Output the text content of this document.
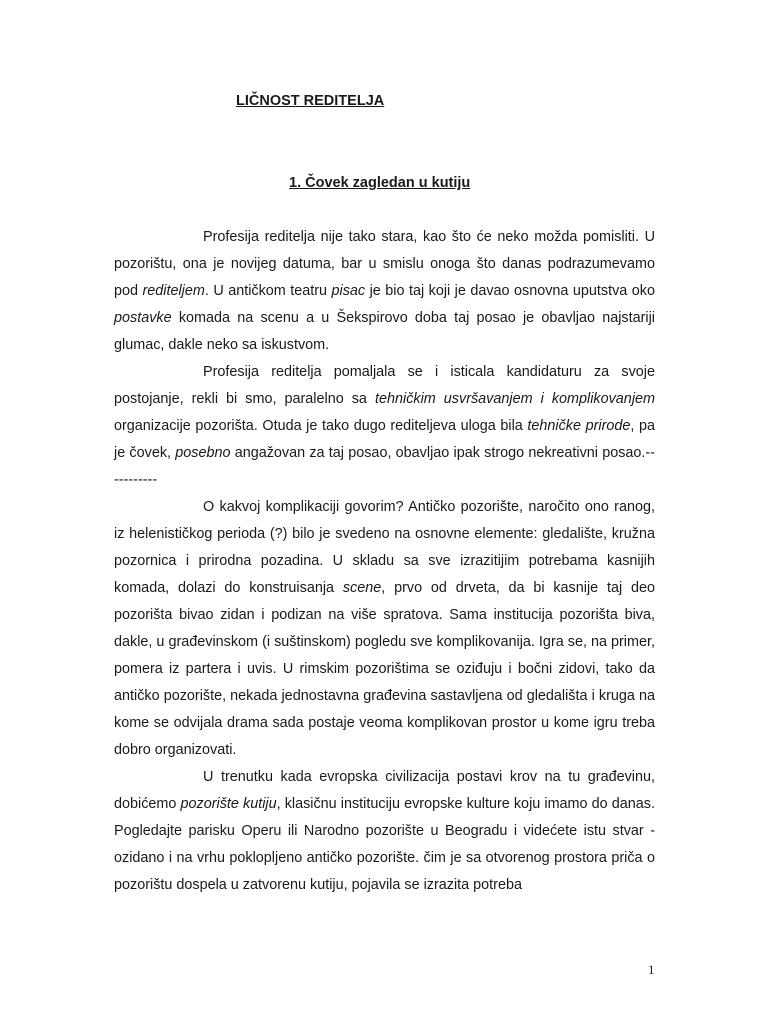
LIČNOST REDITELJA
1. Čovek zagledan u kutiju

Profesija reditelja nije tako stara, kao što će neko možda pomisliti. U pozorištu, ona je novijeg datuma, bar u smislu onoga što danas podrazumevamo pod rediteljem. U antičkom teatru pisac je bio taj koji je davao osnovna uputstva oko postavke komada na scenu a u Šekspirovo doba taj posao je obavljao najstariji glumac, dakle neko sa iskustvom.

Profesija reditelja pomaljala se i isticala kandidaturu za svoje postojanje, rekli bi smo, paralelno sa tehničkim usvršavanjem i komplikovanjem organizacije pozorišta. Otuda je tako dugo rediteljeva uloga bila tehničke prirode, pa je čovek, posebno angažovan za taj posao, obavljao ipak strogo nekreativni posao.-----------

O kakvoj komplikaciji govorim? Antičko pozorište, naročito ono ranog, iz helenističkog perioda (?) bilo je svedeno na osnovne elemente: gledalište, kružna pozornica i prirodna pozadina. U skladu sa sve izrazitijim potrebama kasnijih komada, dolazi do konstruisanja scene, prvo od drveta, da bi kasnije taj deo pozorišta bivao zidan i podizan na više spratova. Sama institucija pozorišta biva, dakle, u građevinskom (i suštinskom) pogledu sve komplikovanija. Igra se, na primer, pomera iz partera i uvis. U rimskim pozorištima se oziđuju i bočni zidovi, tako da antičko pozorište, nekada jednostavna građevina sastavljena od gledališta i kruga na kome se odvijala drama sada postaje veoma komplikovan prostor u kome igru treba dobro organizovati.

U trenutku kada evropska civilizacija postavi krov na tu građevinu, dobićemo pozorište kutiju, klasičnu instituciju evropske kulture koju imamo do danas. Pogledajte parisku Operu ili Narodno pozorište u Beogradu i videćete istu stvar - ozidano i na vrhu poklopljeno antičko pozorište. čim je sa otvorenog prostora priča o pozorištu dospela u zatvorenu kutiju, pojavila se izrazita potreba

1
